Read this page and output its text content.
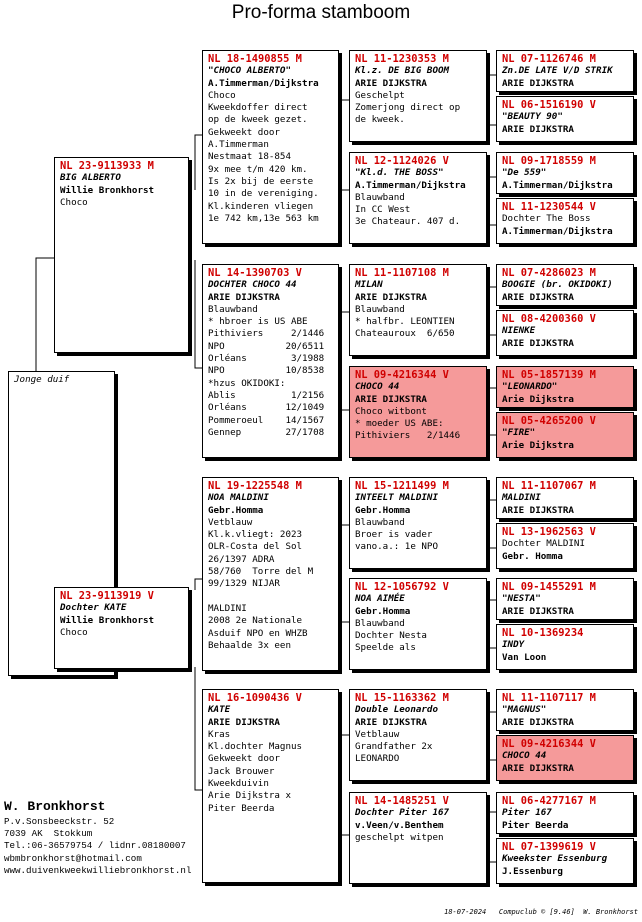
Pro-forma stamboom
Jonge duif
NL 23-9113933 M
BIG ALBERTO
Willie Bronkhorst
Choco
NL 23-9113919 V
Dochter KATE
Willie Bronkhorst
Choco
NL 18-1490855 M
"CHOCO ALBERTO"
A.Timmerman/Dijkstra
Choco
Kweekdoffer direct
op de kweek gezet.
Gekweekt door
A.Timmerman
Nestmaat 18-854
9x mee t/m 420 km.
Is 2x bij de eerste
10 in de vereniging.
Kl.kinderen vliegen
1e 742 km,13e 563 km
NL 14-1390703 V
DOCHTER CHOCO 44
ARIE DIJKSTRA
Blauwband
* hbroer is US ABE
Pithiviers     2/1446
NPO           20/6511
Orléans        3/1988
NPO           10/8538
*hzus OKIDOKI:
Ablis          1/2156
Orléans       12/1049
Pommeroeul    14/1567
Gennep        27/1708
NL 19-1225548 M
NOA MALDINI
Gebr.Homma
Vetblauw
Kl.k.vliegt: 2023
OLR-Costa del Sol
26/1397 ADRA
58/760  Torre del M
99/1329 NIJAR
MALDINI
2008 2e Nationale
Asduif NPO en WHZB
Behaalde 3x een
NL 16-1090436 V
KATE
ARIE DIJKSTRA
Kras
Kl.dochter Magnus
Gekweekt door
Jack Brouwer
Kweekduivin
Arie Dijkstra x
Piter Beerda
NL 11-1230353 M
Kl.z. DE BIG BOOM
ARIE DIJKSTRA
Geschelpt
Zomerjong direct op
de kweek.
NL 12-1124026 V
"Kl.d. THE BOSS"
A.Timmerman/Dijkstra
Blauwband
In CC West
3e Chateaur. 407 d.
NL 11-1107108 M
MILAN
ARIE DIJKSTRA
Blauwband
* halfbr. LEONTIEN
Chateauroux  6/650
NL 09-4216344 V
CHOCO 44
ARIE DIJKSTRA
Choco witbont
* moeder US ABE:
Pithiviers   2/1446
NL 15-1211499 M
INTEELT MALDINI
Gebr.Homma
Blauwband
Broer is vader
vano.a.: 1e NPO
NL 12-1056792 V
NOA AIMÉE
Gebr.Homma
Blauwband
Dochter Nesta
Speelde als
NL 15-1163362 M
Double Leonardo
ARIE DIJKSTRA
Vetblauw
Grandfather 2x
LEONARDO
NL 14-1485251 V
Dochter Piter 167
v.Veen/v.Benthem
geschelpt witpen
NL 07-1126746 M
Zn.DE LATE V/D STRIK
ARIE DIJKSTRA
NL 06-1516190 V
"BEAUTY 90"
ARIE DIJKSTRA
NL 09-1718559 M
"De 559"
A.Timmerman/Dijkstra
NL 11-1230544 V
Dochter The Boss
A.Timmerman/Dijkstra
NL 07-4286023 M
BOOGIE (br. OKIDOKI)
ARIE DIJKSTRA
NL 08-4200360 V
NIENKE
ARIE DIJKSTRA
NL 05-1857139 M
"LEONARDO"
Arie Dijkstra
NL 05-4265200 V
"FIRE"
Arie Dijkstra
NL 11-1107067 M
MALDINI
ARIE DIJKSTRA
NL 13-1962563 V
Dochter MALDINI
Gebr. Homma
NL 09-1455291 M
"NESTA"
ARIE DIJKSTRA
NL 10-1369234
INDY
Van Loon
NL 11-1107117 M
"MAGNUS"
ARIE DIJKSTRA
NL 09-4216344 V
CHOCO 44
ARIE DIJKSTRA
NL 06-4277167 M
Piter 167
Piter Beerda
NL 07-1399619 V
Kweekster Essenburg
J.Essenburg
W. Bronkhorst
P.v.Sonsbeeckstr. 52
7039 AK  Stokkum
Tel.:06-36579754 / lidnr.08180007
wbmbronkhorst@hotmail.com
www.duivenkweekwilliebronkhorst.nl
18-07-2024   Compuclub © [9.46]  W. Bronkhorst
